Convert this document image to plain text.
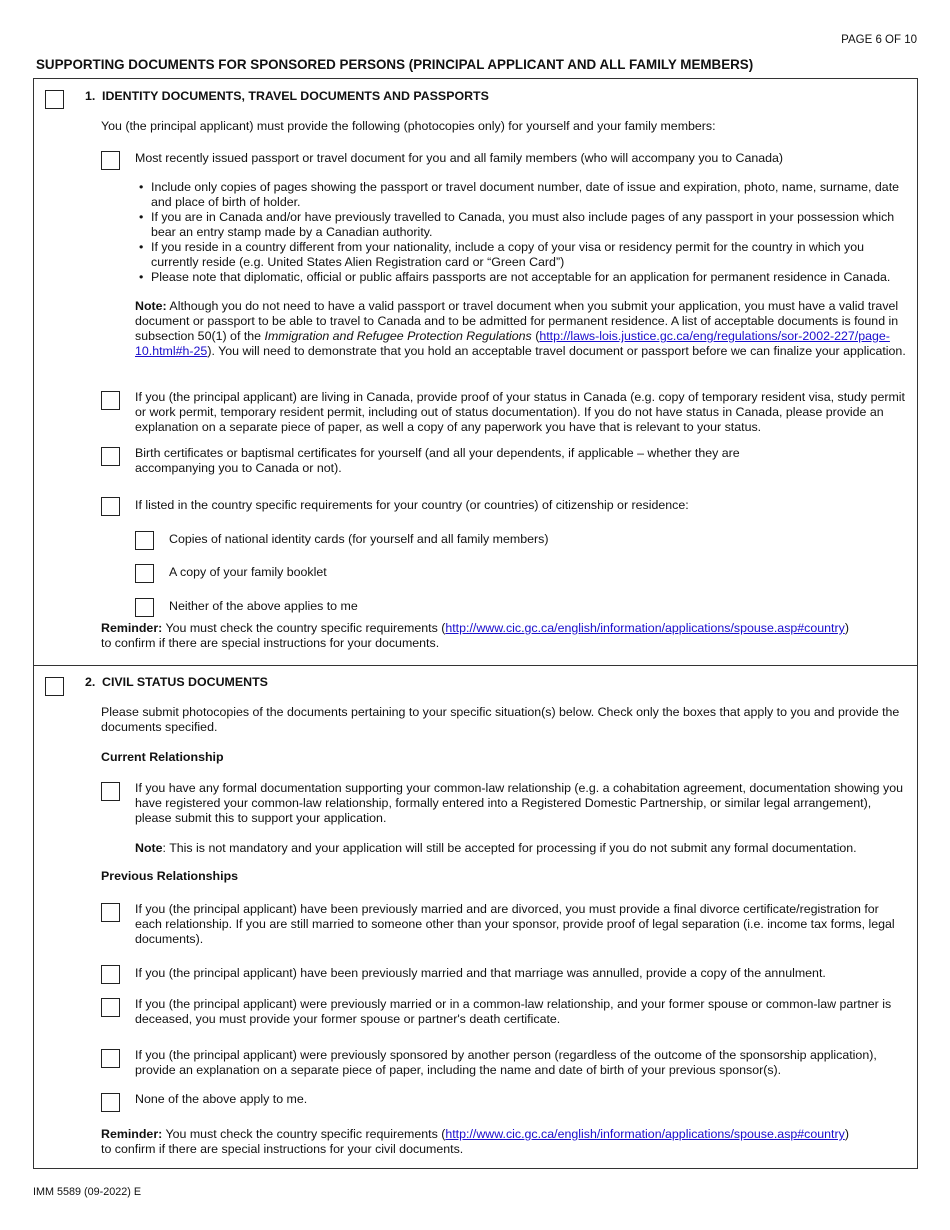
PAGE 6 OF 10
SUPPORTING DOCUMENTS FOR SPONSORED PERSONS (PRINCIPAL APPLICANT AND ALL FAMILY MEMBERS)
1. IDENTITY DOCUMENTS, TRAVEL DOCUMENTS AND PASSPORTS
You (the principal applicant) must provide the following (photocopies only) for yourself and your family members:
Most recently issued passport or travel document for you and all family members (who will accompany you to Canada)
• Include only copies of pages showing the passport or travel document number, date of issue and expiration, photo, name, surname, date and place of birth of holder.
• If you are in Canada and/or have previously travelled to Canada, you must also include pages of any passport in your possession which bear an entry stamp made by a Canadian authority.
• If you reside in a country different from your nationality, include a copy of your visa or residency permit for the country in which you currently reside (e.g. United States Alien Registration card or “Green Card”)
• Please note that diplomatic, official or public affairs passports are not acceptable for an application for permanent residence in Canada.
Note: Although you do not need to have a valid passport or travel document when you submit your application, you must have a valid travel document or passport to be able to travel to Canada and to be admitted for permanent residence. A list of acceptable documents is found in subsection 50(1) of the Immigration and Refugee Protection Regulations (http://laws-lois.justice.gc.ca/eng/regulations/sor-2002-227/page-10.html#h-25). You will need to demonstrate that you hold an acceptable travel document or passport before we can finalize your application.
If you (the principal applicant) are living in Canada, provide proof of your status in Canada (e.g. copy of temporary resident visa, study permit or work permit, temporary resident permit, including out of status documentation). If you do not have status in Canada, please provide an explanation on a separate piece of paper, as well a copy of any paperwork you have that is relevant to your status.
Birth certificates or baptismal certificates for yourself (and all your dependents, if applicable – whether they are accompanying you to Canada or not).
If listed in the country specific requirements for your country (or countries) of citizenship or residence:
Copies of national identity cards (for yourself and all family members)
A copy of your family booklet
Neither of the above applies to me
Reminder: You must check the country specific requirements (http://www.cic.gc.ca/english/information/applications/spouse.asp#country)
to confirm if there are special instructions for your documents.
2. CIVIL STATUS DOCUMENTS
Please submit photocopies of the documents pertaining to your specific situation(s) below. Check only the boxes that apply to you and provide the documents specified.
Current Relationship
If you have any formal documentation supporting your common-law relationship (e.g. a cohabitation agreement, documentation showing you have registered your common-law relationship, formally entered into a Registered Domestic Partnership, or similar legal arrangement), please submit this to support your application.
Note: This is not mandatory and your application will still be accepted for processing if you do not submit any formal documentation.
Previous Relationships
If you (the principal applicant) have been previously married and are divorced, you must provide a final divorce certificate/registration for each relationship. If you are still married to someone other than your sponsor, provide proof of legal separation (i.e. income tax forms, legal documents).
If you (the principal applicant) have been previously married and that marriage was annulled, provide a copy of the annulment.
If you (the principal applicant) were previously married or in a common-law relationship, and your former spouse or common-law partner is deceased, you must provide your former spouse or partner's death certificate.
If you (the principal applicant) were previously sponsored by another person (regardless of the outcome of the sponsorship application), provide an explanation on a separate piece of paper, including the name and date of birth of your previous sponsor(s).
None of the above apply to me.
Reminder: You must check the country specific requirements (http://www.cic.gc.ca/english/information/applications/spouse.asp#country)
to confirm if there are special instructions for your civil documents.
IMM 5589 (09-2022) E
